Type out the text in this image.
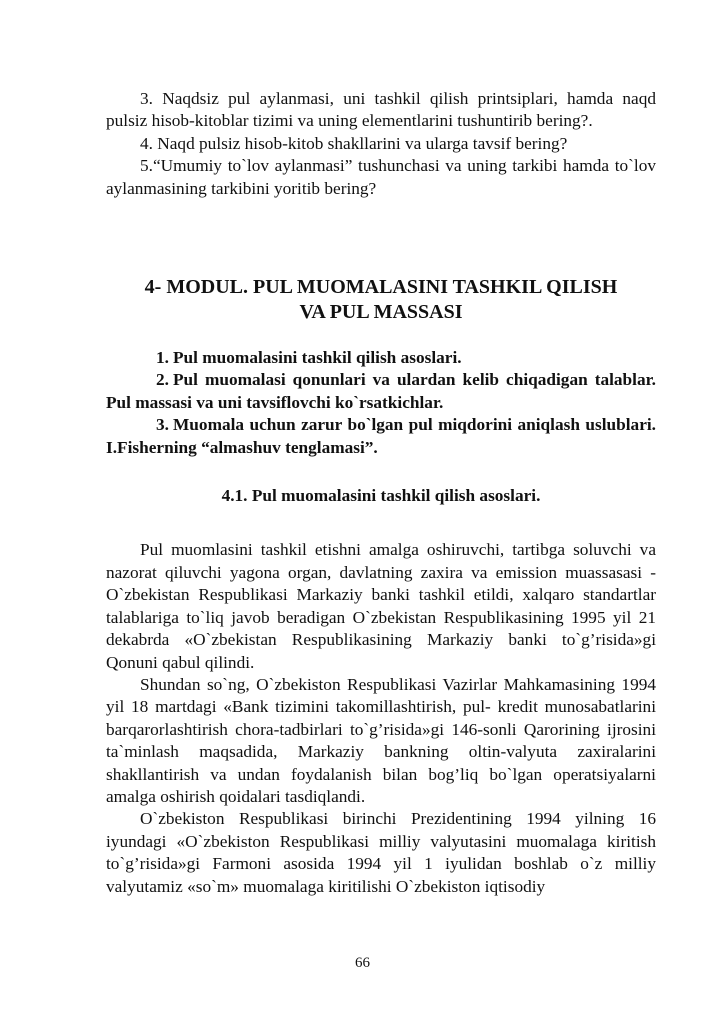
3. Naqdsiz pul aylanmasi, uni tashkil qilish printsiplari, hamda naqd pulsiz hisob-kitoblar tizimi va uning elementlarini tushuntirib bering?.

4. Naqd pulsiz hisob-kitob shakllarini va ularga tavsif bering?

5.“Umumiy to`lov aylanmasi” tushunchasi va uning tarkibi hamda to`lov aylanmasining tarkibini yoritib bering?

4- MODUL. PUL MUOMALASINI TASHKIL QILISH
VA PUL MASSASI

1. Pul muomalasini tashkil qilish asoslari.

2. Pul muomalasi qonunlari va ulardan kelib chiqadigan talablar. Pul massasi va uni tavsiflovchi ko`rsatkichlar.

3. Muomala uchun zarur bo`lgan pul miqdorini aniqlash uslublari. I.Fisherning “almashuv tenglamasi”.

4.1. Pul muomalasini tashkil qilish asoslari.

Pul muomlasini tashkil etishni amalga oshiruvchi, tartibga soluvchi va nazorat qiluvchi yagona organ, davlatning zaxira va emission muassasasi - O`zbekistan Respublikasi Markaziy banki tashkil etildi, xalqaro standartlar talablariga to`liq javob beradigan O`zbekistan Respublikasining 1995 yil 21 dekabrda «O`zbekistan Respublikasining Markaziy banki to`g’risida»gi Qonuni qabul qilindi.

Shundan so`ng, O`zbekiston Respublikasi Vazirlar Mahkamasining 1994 yil 18 martdagi «Bank tizimini takomillashtirish, pul- kredit munosabatlarini barqarorlashtirish chora-tadbirlari to`g’risida»gi 146-sonli Qarorining ijrosini ta`minlash maqsadida, Markaziy bankning oltin-valyuta zaxiralarini shakllantirish va undan foydalanish bilan bog’liq bo`lgan operatsiyalarni amalga oshirish qoidalari tasdiqlandi.

O`zbekiston Respublikasi birinchi Prezidentining 1994 yilning 16 iyundagi «O`zbekiston Respublikasi milliy valyutasini muomalaga kiritish to`g’risida»gi Farmoni asosida 1994 yil 1 iyulidan boshlab o`z milliy valyutamiz «so`m» muomalaga kiritilishi O`zbekiston iqtisodiy

66
